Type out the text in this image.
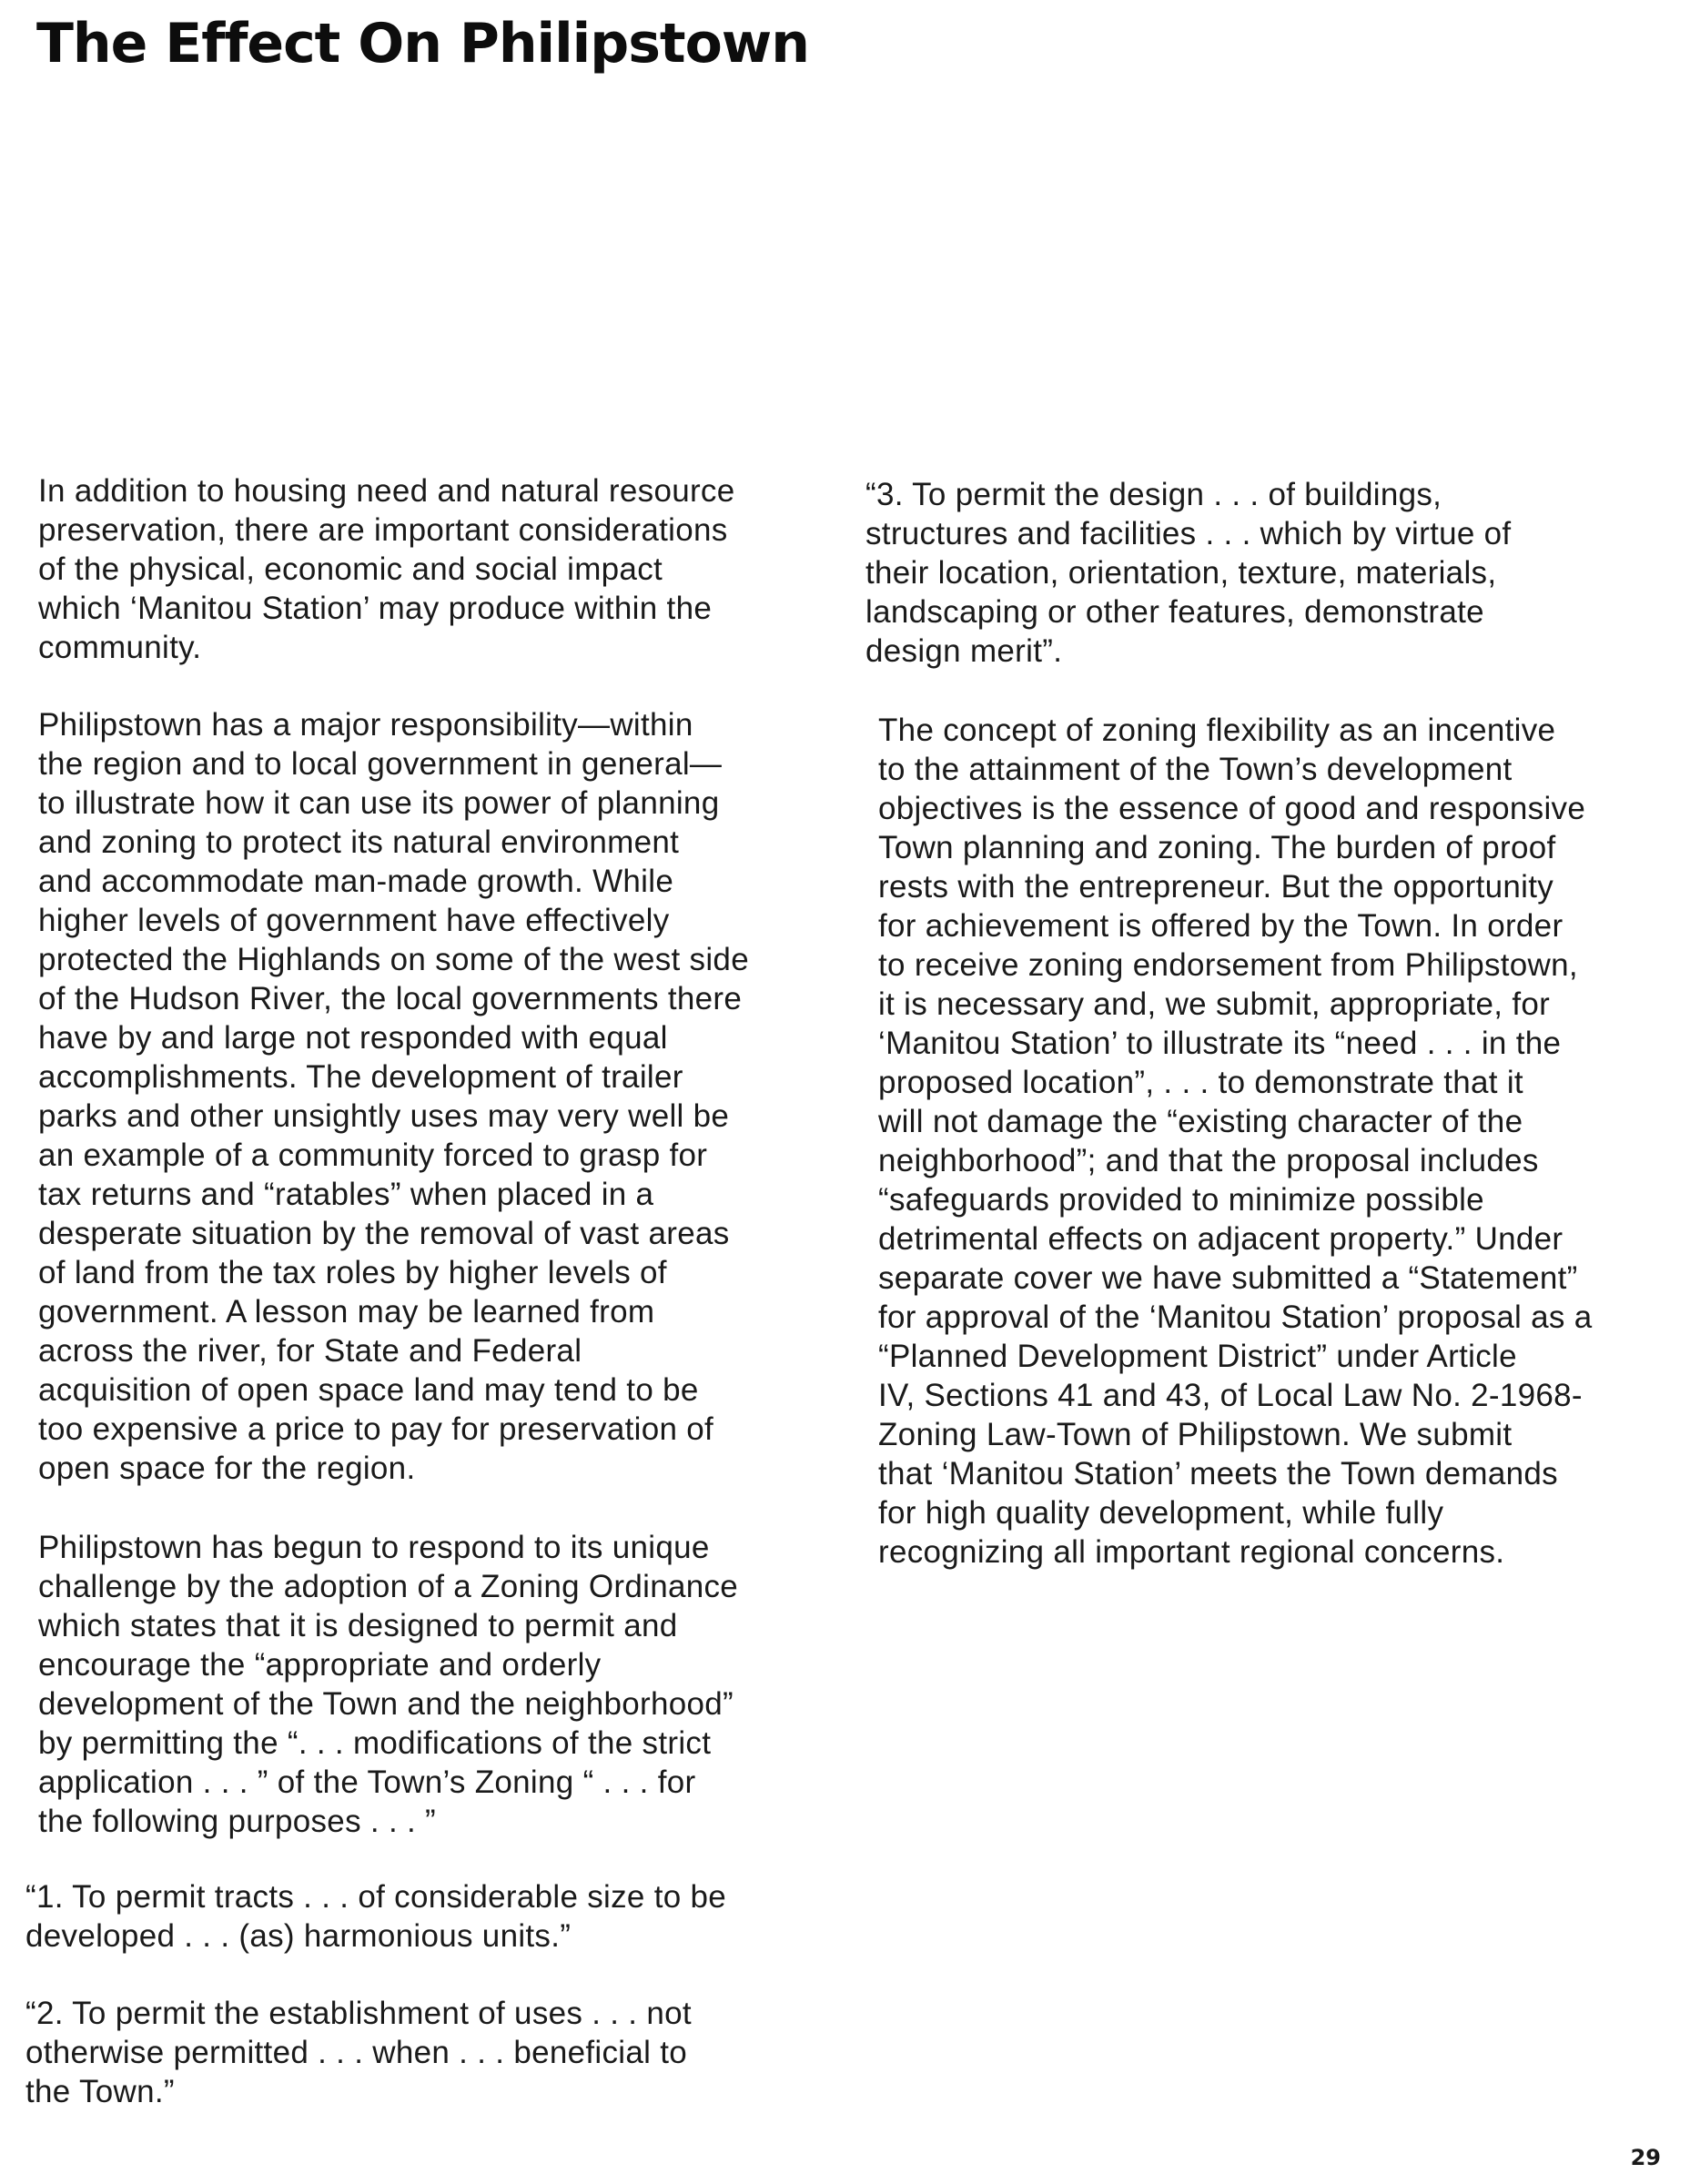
The Effect On Philipstown

In addition to housing need and natural resource
preservation, there are important considerations
of the physical, economic and social impact
which ‘Manitou Station’ may produce within the
community.

Philipstown has a major responsibility—within
the region and to local government in general—
to illustrate how it can use its power of planning
and zoning to protect its natural environment
and accommodate man-made growth. While
higher levels of government have effectively
protected the Highlands on some of the west side
of the Hudson River, the local governments there
have by and large not responded with equal
accomplishments. The development of trailer
parks and other unsightly uses may very well be
an example of a community forced to grasp for
tax returns and “ratables” when placed in a
desperate situation by the removal of vast areas
of land from the tax roles by higher levels of
government. A lesson may be learned from
across the river, for State and Federal
acquisition of open space land may tend to be
too expensive a price to pay for preservation of
open space for the region.

Philipstown has begun to respond to its unique
challenge by the adoption of a Zoning Ordinance
which states that it is designed to permit and
encourage the “appropriate and orderly
development of the Town and the neighborhood”
by permitting the “. . . modifications of the strict
application . . . ” of the Town’s Zoning “ . . . for
the following purposes . . . ”

“1. To permit tracts . . . of considerable size to be
developed . . . (as) harmonious units.”

“2. To permit the establishment of uses . . . not
otherwise permitted . . . when . . . beneficial to
the Town.”

“3. To permit the design . . . of buildings,
structures and facilities . . . which by virtue of
their location, orientation, texture, materials,
landscaping or other features, demonstrate
design merit”.

The concept of zoning flexibility as an incentive
to the attainment of the Town’s development
objectives is the essence of good and responsive
Town planning and zoning. The burden of proof
rests with the entrepreneur. But the opportunity
for achievement is offered by the Town. In order
to receive zoning endorsement from Philipstown,
it is necessary and, we submit, appropriate, for
‘Manitou Station’ to illustrate its “need . . . in the
proposed location”, . . . to demonstrate that it
will not damage the “existing character of the
neighborhood”; and that the proposal includes
“safeguards provided to minimize possible
detrimental effects on adjacent property.” Under
separate cover we have submitted a “Statement”
for approval of the ‘Manitou Station’ proposal as a
“Planned Development District” under Article
IV, Sections 41 and 43, of Local Law No. 2-1968-
Zoning Law-Town of Philipstown. We submit
that ‘Manitou Station’ meets the Town demands
for high quality development, while fully
recognizing all important regional concerns.

29
